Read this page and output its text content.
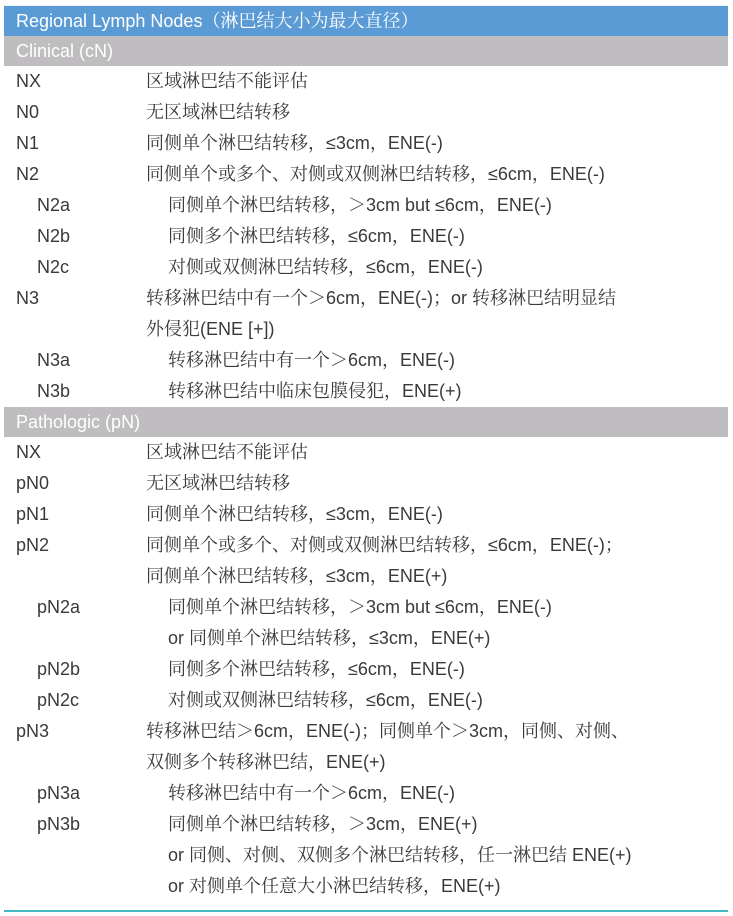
Regional Lymph Nodes（淋巴结大小为最大直径）
Clinical (cN)
NX	区域淋巴结不能评估
N0	无区域淋巴结转移
N1	同侧单个淋巴结转移，≤3cm，ENE(-)
N2	同侧单个或多个、对侧或双侧淋巴结转移，≤6cm，ENE(-)
N2a	同侧单个淋巴结转移，＞3cm but ≤6cm，ENE(-)
N2b	同侧多个淋巴结转移，≤6cm，ENE(-)
N2c	对侧或双侧淋巴结转移，≤6cm，ENE(-)
N3	转移淋巴结中有一个＞6cm，ENE(-)；or 转移淋巴结明显结
外侵犯(ENE [+])
N3a	转移淋巴结中有一个＞6cm，ENE(-)
N3b	转移淋巴结中临床包膜侵犯，ENE(+)
Pathologic (pN)
NX	区域淋巴结不能评估
pN0	无区域淋巴结转移
pN1	同侧单个淋巴结转移，≤3cm，ENE(-)
pN2	同侧单个或多个、对侧或双侧淋巴结转移，≤6cm，ENE(-)；
同侧单个淋巴结转移，≤3cm，ENE(+)
pN2a	同侧单个淋巴结转移，＞3cm but ≤6cm，ENE(-)
or 同侧单个淋巴结转移，≤3cm，ENE(+)
pN2b	同侧多个淋巴结转移，≤6cm，ENE(-)
pN2c	对侧或双侧淋巴结转移，≤6cm，ENE(-)
pN3	转移淋巴结＞6cm，ENE(-)；同侧单个＞3cm，同侧、对侧、
双侧多个转移淋巴结，ENE(+)
pN3a	转移淋巴结中有一个＞6cm，ENE(-)
pN3b	同侧单个淋巴结转移，＞3cm，ENE(+)
or 同侧、对侧、双侧多个淋巴结转移，任一淋巴结 ENE(+)
or 对侧单个任意大小淋巴结转移，ENE(+)
